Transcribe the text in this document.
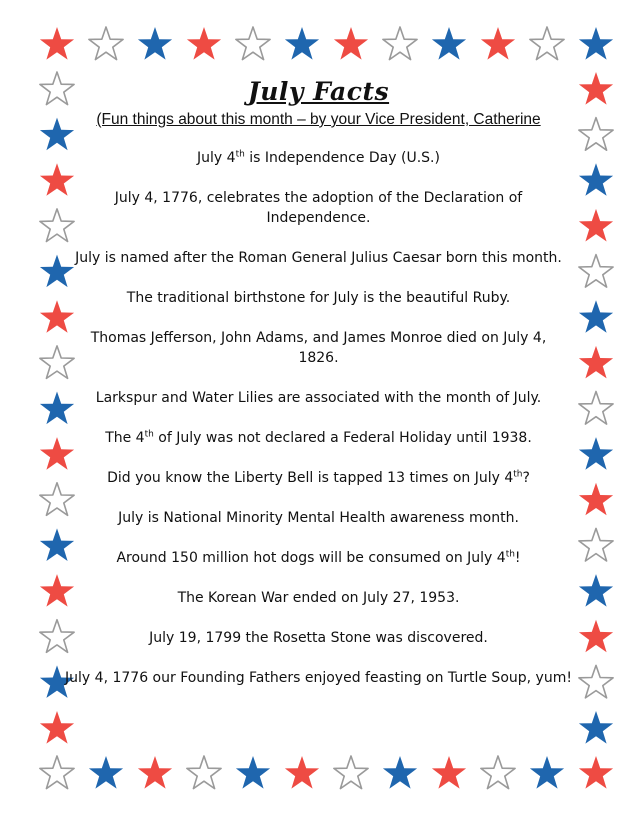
July Facts

(Fun things about this month – by your Vice President, Catherine

July 4th is Independence Day (U.S.)
July 4, 1776, celebrates the adoption of the Declaration of Independence.
July is named after the Roman General Julius Caesar born this month.
The traditional birthstone for July is the beautiful Ruby.
Thomas Jefferson, John Adams, and James Monroe died on July 4, 1826.
Larkspur and Water Lilies are associated with the month of July.
The 4th of July was not declared a Federal Holiday until 1938.
Did you know the Liberty Bell is tapped 13 times on July 4th?
July is National Minority Mental Health awareness month.
Around 150 million hot dogs will be consumed on July 4th!
The Korean War ended on July 27, 1953.
July 19, 1799 the Rosetta Stone was discovered.
July 4, 1776 our Founding Fathers enjoyed feasting on Turtle Soup, yum!
